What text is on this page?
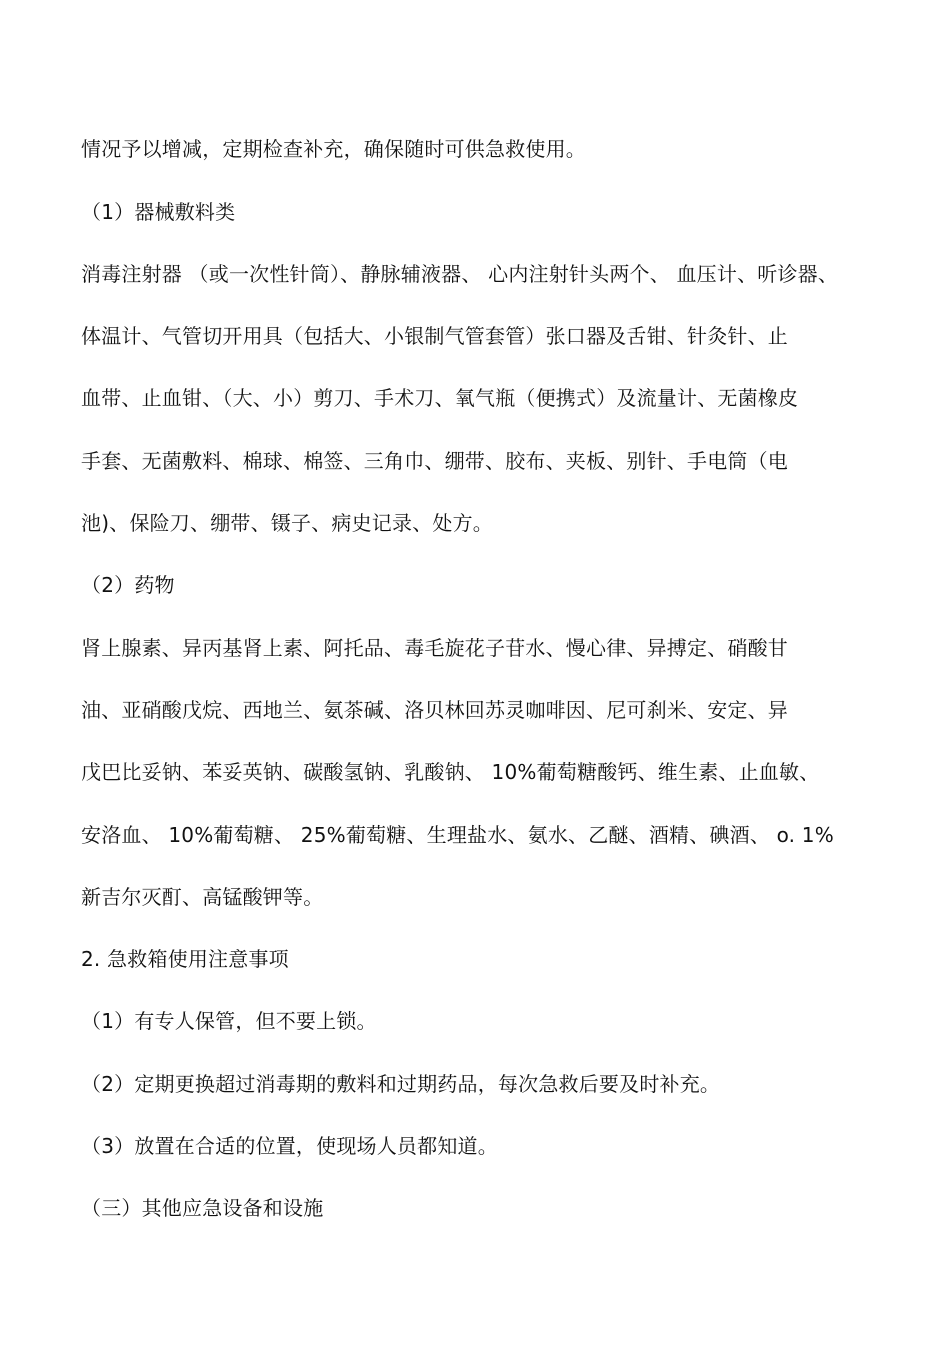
情况予以增减，定期检查补充，确保随时可供急救使用。
（1）器械敷料类
消毒注射器 （或一次性针筒）、静脉辅液器、 心内注射针头两个、 血压计、听诊器、
体温计、气管切开用具（包括大、小银制气管套管）张口器及舌钳、针灸针、止
血带、止血钳、（大、小）剪刀、手术刀、氧气瓶（便携式）及流量计、无菌橡皮
手套、无菌敷料、棉球、棉签、三角巾、绷带、胶布、夹板、别针、手电筒（电
池)、保险刀、绷带、镊子、病史记录、处方。
（2）药物
肾上腺素、异丙基肾上素、阿托品、毒毛旋花子苷水、慢心律、异搏定、硝酸甘
油、亚硝酸戊烷、西地兰、氨茶碱、洛贝林回苏灵咖啡因、尼可刹米、安定、异
戊巴比妥钠、苯妥英钠、碳酸氢钠、乳酸钠、 10%葡萄糖酸钙、维生素、止血敏、
安洛血、 10%葡萄糖、 25%葡萄糖、生理盐水、氨水、乙醚、酒精、碘酒、 o. 1%
新吉尔灭酊、高锰酸钾等。
2. 急救箱使用注意事项
（1）有专人保管，但不要上锁。
（2）定期更换超过消毒期的敷料和过期药品，每次急救后要及时补充。
（3）放置在合适的位置，使现场人员都知道。
（三）其他应急设备和设施
